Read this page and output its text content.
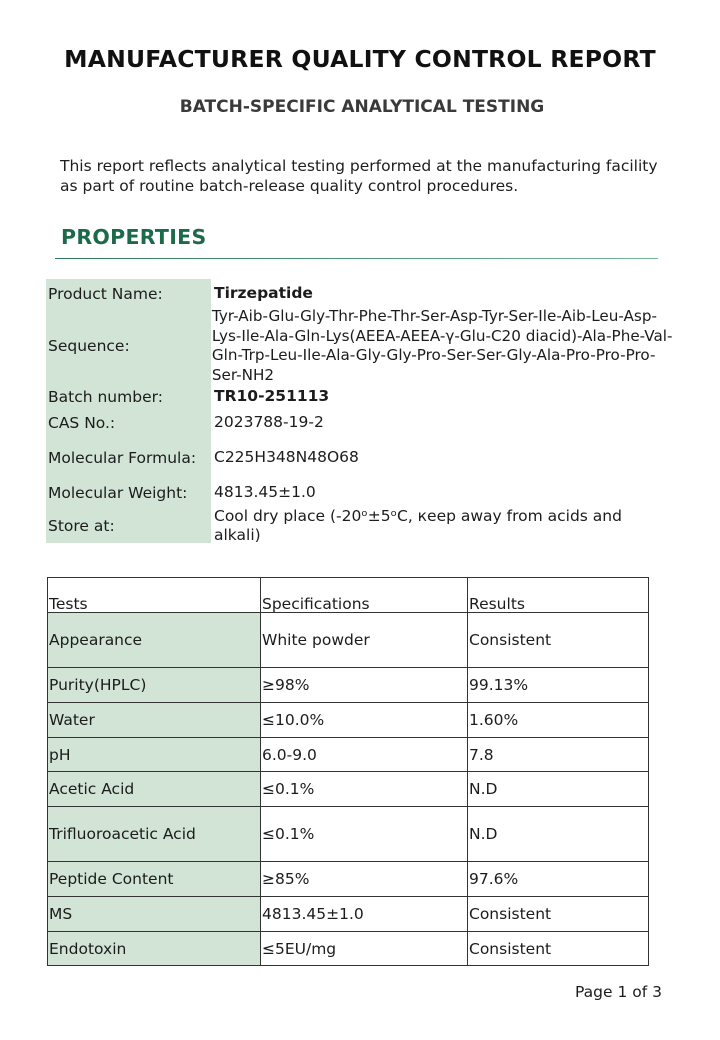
MANUFACTURER QUALITY CONTROL REPORT
BATCH-SPECIFIC ANALYTICAL TESTING
This report reflects analytical testing performed at the manufacturing facility as part of routine batch-release quality control procedures.
PROPERTIES
Product Name:	Tirzepatide
Sequence:
Tyr-Aib-Glu-Gly-Thr-Phe-Thr-Ser-Asp-Tyr-Ser-Ile-Aib-Leu-Asp-Lys-Ile-Ala-Gln-Lys(AEEA-AEEA-γ-Glu-C20 diacid)-Ala-Phe-Val-Gln-Trp-Leu-Ile-Ala-Gly-Gly-Pro-Ser-Ser-Gly-Ala-Pro-Pro-Pro-Ser-NH2
Batch number:	TR10-251113
CAS No.:	2023788-19-2
Molecular Formula:	C225H348N48O68
Molecular Weight:	4813.45±1.0
Store at:
Cool dry place (-20ᵒ±5ᵒC, кeep away from acids and alkali)
Tests	Specifications	Results
Appearance	White powder	Consistent
Purity(HPLC)	≥98%	99.13%
Water	≤10.0%	1.60%
pH	6.0-9.0	7.8
Acetic Acid	≤0.1%	N.D
Trifluoroacetic Acid	≤0.1%	N.D
Peptide Content	≥85%	97.6%
MS	4813.45±1.0	Consistent
Endotoxin	≤5EU/mg	Consistent
Page 1 of 3
